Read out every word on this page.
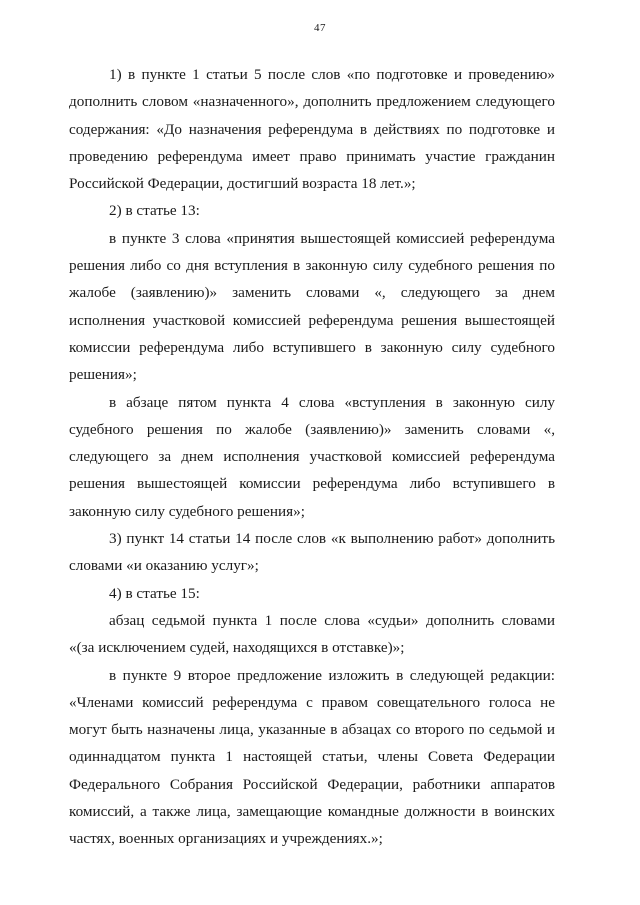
47

1) в пункте 1 статьи 5 после слов «по подготовке и проведению» дополнить словом «назначенного», дополнить предложением следующего содержания: «До назначения референдума в действиях по подготовке и проведению референдума имеет право принимать участие гражданин Российской Федерации, достигший возраста 18 лет.»;

2) в статье 13:

в пункте 3 слова «принятия вышестоящей комиссией референдума решения либо со дня вступления в законную силу судебного решения по жалобе (заявлению)» заменить словами «, следующего за днем исполнения участковой комиссией референдума решения вышестоящей комиссии референдума либо вступившего в законную силу судебного решения»;

в абзаце пятом пункта 4 слова «вступления в законную силу судебного решения по жалобе (заявлению)» заменить словами «, следующего за днем исполнения участковой комиссией референдума решения вышестоящей комиссии референдума либо вступившего в законную силу судебного решения»;

3) пункт 14 статьи 14 после слов «к выполнению работ» дополнить словами «и оказанию услуг»;

4) в статье 15:

абзац седьмой пункта 1 после слова «судьи» дополнить словами «(за исключением судей, находящихся в отставке)»;

в пункте 9 второе предложение изложить в следующей редакции: «Членами комиссий референдума с правом совещательного голоса не могут быть назначены лица, указанные в абзацах со второго по седьмой и одиннадцатом пункта 1 настоящей статьи, члены Совета Федерации Федерального Собрания Российской Федерации, работники аппаратов комиссий, а также лица, замещающие командные должности в воинских частях, военных организациях и учреждениях.»;
